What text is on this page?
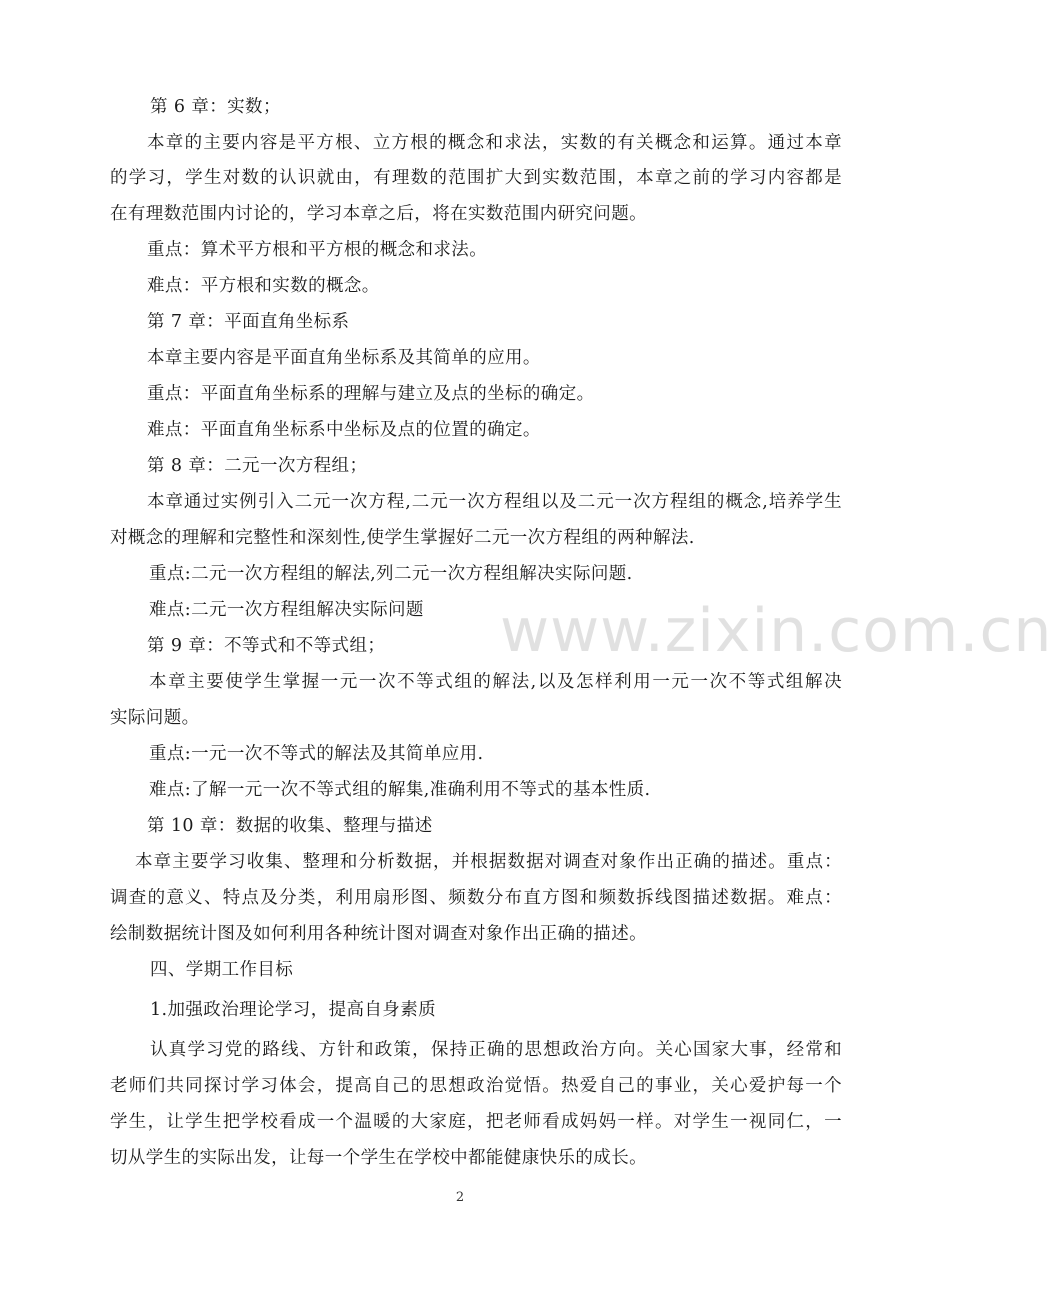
第 6 章：实数；
本章的主要内容是平方根、立方根的概念和求法，实数的有关概念和运算。通过本章
的学习，学生对数的认识就由，有理数的范围扩大到实数范围，本章之前的学习内容都是
在有理数范围内讨论的，学习本章之后，将在实数范围内研究问题。
重点：算术平方根和平方根的概念和求法。
难点：平方根和实数的概念。
第 7 章：平面直角坐标系
本章主要内容是平面直角坐标系及其简单的应用。
重点：平面直角坐标系的理解与建立及点的坐标的确定。
难点：平面直角坐标系中坐标及点的位置的确定。
第 8 章：二元一次方程组；
本章通过实例引入二元一次方程,二元一次方程组以及二元一次方程组的概念,培养学生
对概念的理解和完整性和深刻性,使学生掌握好二元一次方程组的两种解法.
重点:二元一次方程组的解法,列二元一次方程组解决实际问题.
难点:二元一次方程组解决实际问题
第 9 章：不等式和不等式组；
本章主要使学生掌握一元一次不等式组的解法,以及怎样利用一元一次不等式组解决
实际问题。
重点:一元一次不等式的解法及其简单应用.
难点:了解一元一次不等式组的解集,准确利用不等式的基本性质.
第 10 章：数据的收集、整理与描述
本章主要学习收集、整理和分析数据，并根据数据对调查对象作出正确的描述。重点：
调查的意义、特点及分类，利用扇形图、频数分布直方图和频数拆线图描述数据。难点：
绘制数据统计图及如何利用各种统计图对调查对象作出正确的描述。
四、学期工作目标
1.加强政治理论学习，提高自身素质
认真学习党的路线、方针和政策，保持正确的思想政治方向。关心国家大事，经常和
老师们共同探讨学习体会，提高自己的思想政治觉悟。热爱自己的事业，关心爱护每一个
学生，让学生把学校看成一个温暖的大家庭，把老师看成妈妈一样。对学生一视同仁，一
切从学生的实际出发，让每一个学生在学校中都能健康快乐的成长。
www.zixin.com.cn
2
